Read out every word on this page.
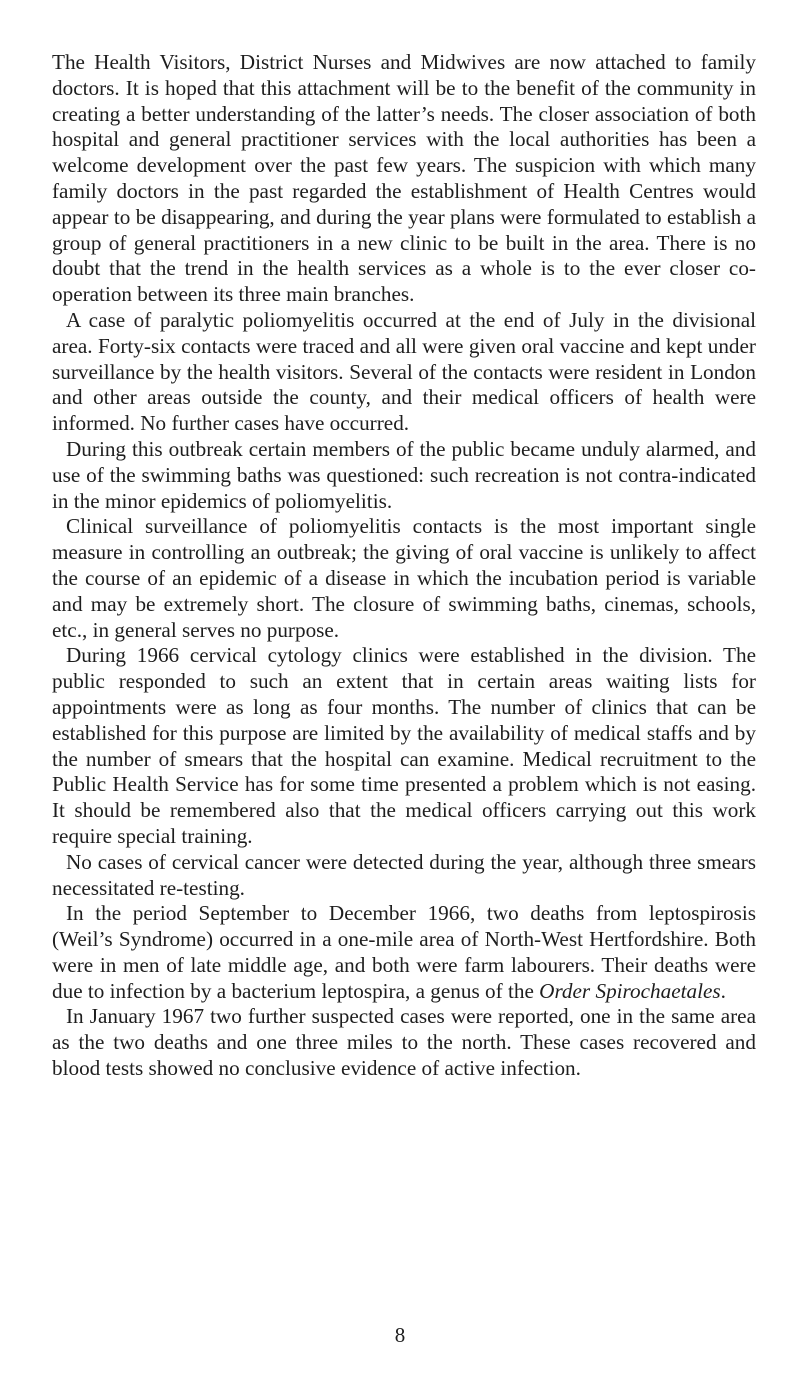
The Health Visitors, District Nurses and Midwives are now attached to family doctors. It is hoped that this attachment will be to the benefit of the community in creating a better understanding of the latter’s needs. The closer association of both hospital and general practitioner services with the local authorities has been a welcome development over the past few years. The suspicion with which many family doctors in the past regarded the establishment of Health Centres would appear to be disappearing, and during the year plans were formulated to establish a group of general practitioners in a new clinic to be built in the area. There is no doubt that the trend in the health services as a whole is to the ever closer co-operation between its three main branches.

A case of paralytic poliomyelitis occurred at the end of July in the divisional area. Forty-six contacts were traced and all were given oral vaccine and kept under surveillance by the health visitors. Several of the contacts were resident in London and other areas outside the county, and their medical officers of health were informed. No further cases have occurred.

During this outbreak certain members of the public became unduly alarmed, and use of the swimming baths was questioned: such recreation is not contra-indicated in the minor epidemics of poliomyelitis.

Clinical surveillance of poliomyelitis contacts is the most important single measure in controlling an outbreak; the giving of oral vaccine is unlikely to affect the course of an epidemic of a disease in which the incubation period is variable and may be extremely short. The closure of swimming baths, cinemas, schools, etc., in general serves no purpose.

During 1966 cervical cytology clinics were established in the division. The public responded to such an extent that in certain areas waiting lists for appointments were as long as four months. The number of clinics that can be established for this purpose are limited by the availability of medical staffs and by the number of smears that the hospital can examine. Medical recruitment to the Public Health Service has for some time presented a problem which is not easing. It should be remembered also that the medical officers carrying out this work require special training.

No cases of cervical cancer were detected during the year, although three smears necessitated re-testing.

In the period September to December 1966, two deaths from leptospirosis (Weil’s Syndrome) occurred in a one-mile area of North-West Hertfordshire. Both were in men of late middle age, and both were farm labourers. Their deaths were due to infection by a bacterium leptospira, a genus of the Order Spirochaetales.

In January 1967 two further suspected cases were reported, one in the same area as the two deaths and one three miles to the north. These cases recovered and blood tests showed no conclusive evidence of active infection.

8
